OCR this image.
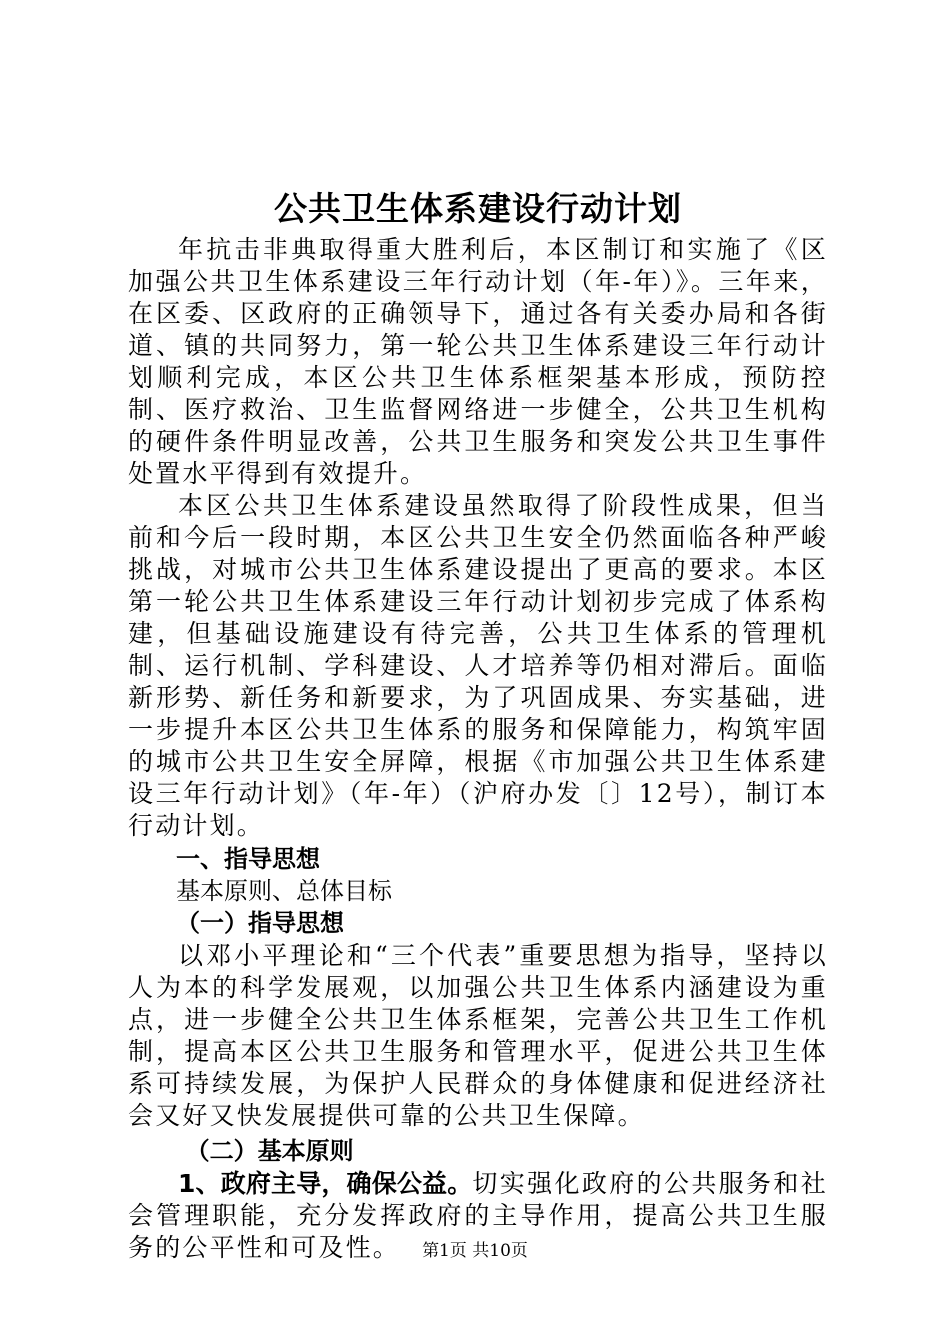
公共卫生体系建设行动计划

年抗击非典取得重大胜利后，本区制订和实施了《区加强公共卫生体系建设三年行动计划（年-年）》。三年来，在区委、区政府的正确领导下，通过各有关委办局和各街道、镇的共同努力，第一轮公共卫生体系建设三年行动计划顺利完成，本区公共卫生体系框架基本形成，预防控制、医疗救治、卫生监督网络进一步健全，公共卫生机构的硬件条件明显改善，公共卫生服务和突发公共卫生事件处置水平得到有效提升。

本区公共卫生体系建设虽然取得了阶段性成果，但当前和今后一段时期，本区公共卫生安全仍然面临各种严峻挑战，对城市公共卫生体系建设提出了更高的要求。本区第一轮公共卫生体系建设三年行动计划初步完成了体系构建，但基础设施建设有待完善，公共卫生体系的管理机制、运行机制、学科建设、人才培养等仍相对滞后。面临新形势、新任务和新要求，为了巩固成果、夯实基础，进一步提升本区公共卫生体系的服务和保障能力，构筑牢固的城市公共卫生安全屏障，根据《市加强公共卫生体系建设三年行动计划》（年-年）（沪府办发〔〕12号），制订本行动计划。

一、指导思想

基本原则、总体目标

（一）指导思想

以邓小平理论和“三个代表”重要思想为指导，坚持以人为本的科学发展观，以加强公共卫生体系内涵建设为重点，进一步健全公共卫生体系框架，完善公共卫生工作机制，提高本区公共卫生服务和管理水平，促进公共卫生体系可持续发展，为保护人民群众的身体健康和促进经济社会又好又快发展提供可靠的公共卫生保障。

（二）基本原则

1、政府主导，确保公益。切实强化政府的公共服务和社会管理职能，充分发挥政府的主导作用，提高公共卫生服务的公平性和可及性。	第1页 共10页
